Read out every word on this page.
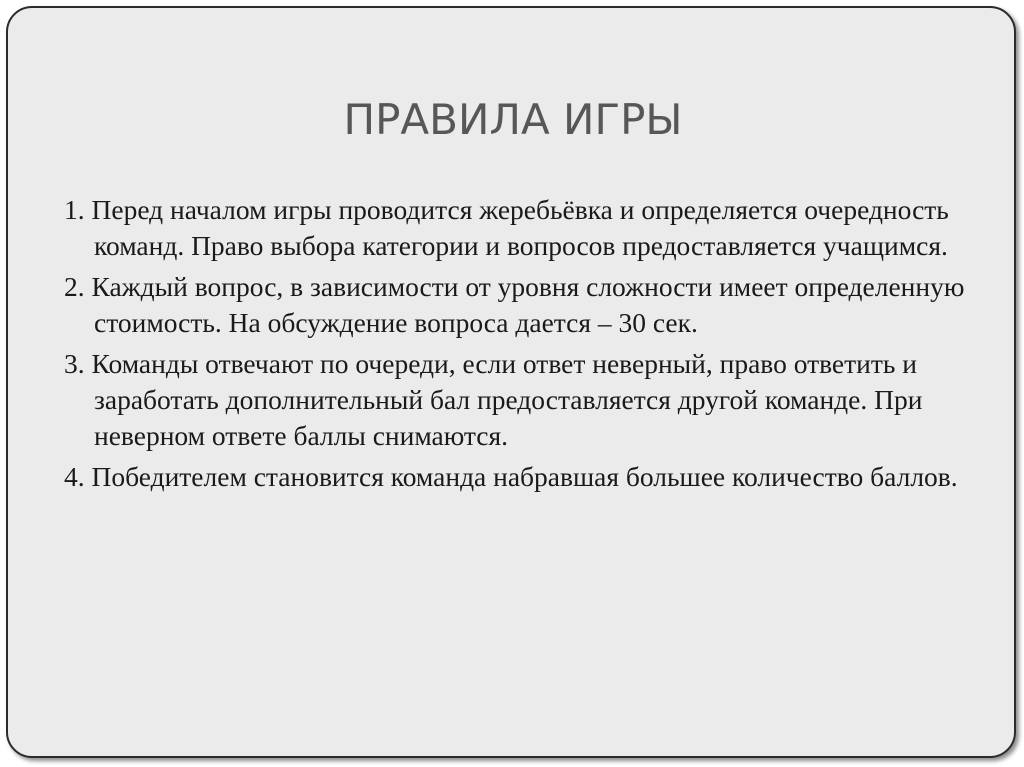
ПРАВИЛА ИГРЫ
1. Перед началом игры проводится жеребьёвка и определяется очередность команд. Право выбора категории и вопросов предоставляется учащимся.
2. Каждый вопрос, в зависимости от уровня сложности имеет определенную стоимость. На обсуждение вопроса дается – 30 сек.
3. Команды отвечают по очереди, если ответ неверный, право ответить и заработать дополнительный бал предоставляется другой команде. При неверном ответе баллы снимаются.
4. Победителем становится команда набравшая большее количество баллов.
